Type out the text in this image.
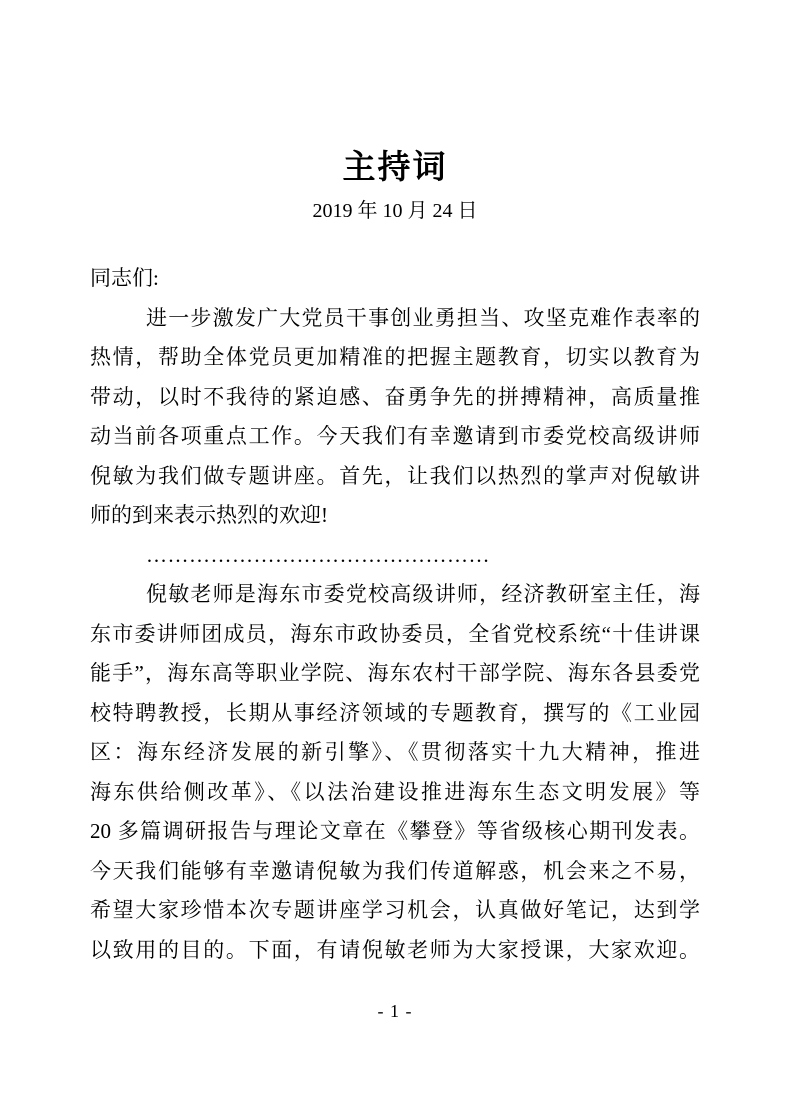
主持词
2019 年 10 月 24 日
同志们:
进一步激发广大党员干事创业勇担当、攻坚克难作表率的
热情，帮助全体党员更加精准的把握主题教育，切实以教育为
带动，以时不我待的紧迫感、奋勇争先的拼搏精神，高质量推
动当前各项重点工作。今天我们有幸邀请到市委党校高级讲师
倪敏为我们做专题讲座。首先，让我们以热烈的掌声对倪敏讲
师的到来表示热烈的欢迎!
…………………………………………
倪敏老师是海东市委党校高级讲师，经济教研室主任，海
东市委讲师团成员，海东市政协委员，全省党校系统“十佳讲课
能手”，海东高等职业学院、海东农村干部学院、海东各县委党
校特聘教授，长期从事经济领域的专题教育，撰写的《工业园
区：海东经济发展的新引擎》、《贯彻落实十九大精神，推进
海东供给侧改革》、《以法治建设推进海东生态文明发展》等
20 多篇调研报告与理论文章在《攀登》等省级核心期刊发表。
今天我们能够有幸邀请倪敏为我们传道解惑，机会来之不易，
希望大家珍惜本次专题讲座学习机会，认真做好笔记，达到学
以致用的目的。下面，有请倪敏老师为大家授课，大家欢迎。
- 1 -
